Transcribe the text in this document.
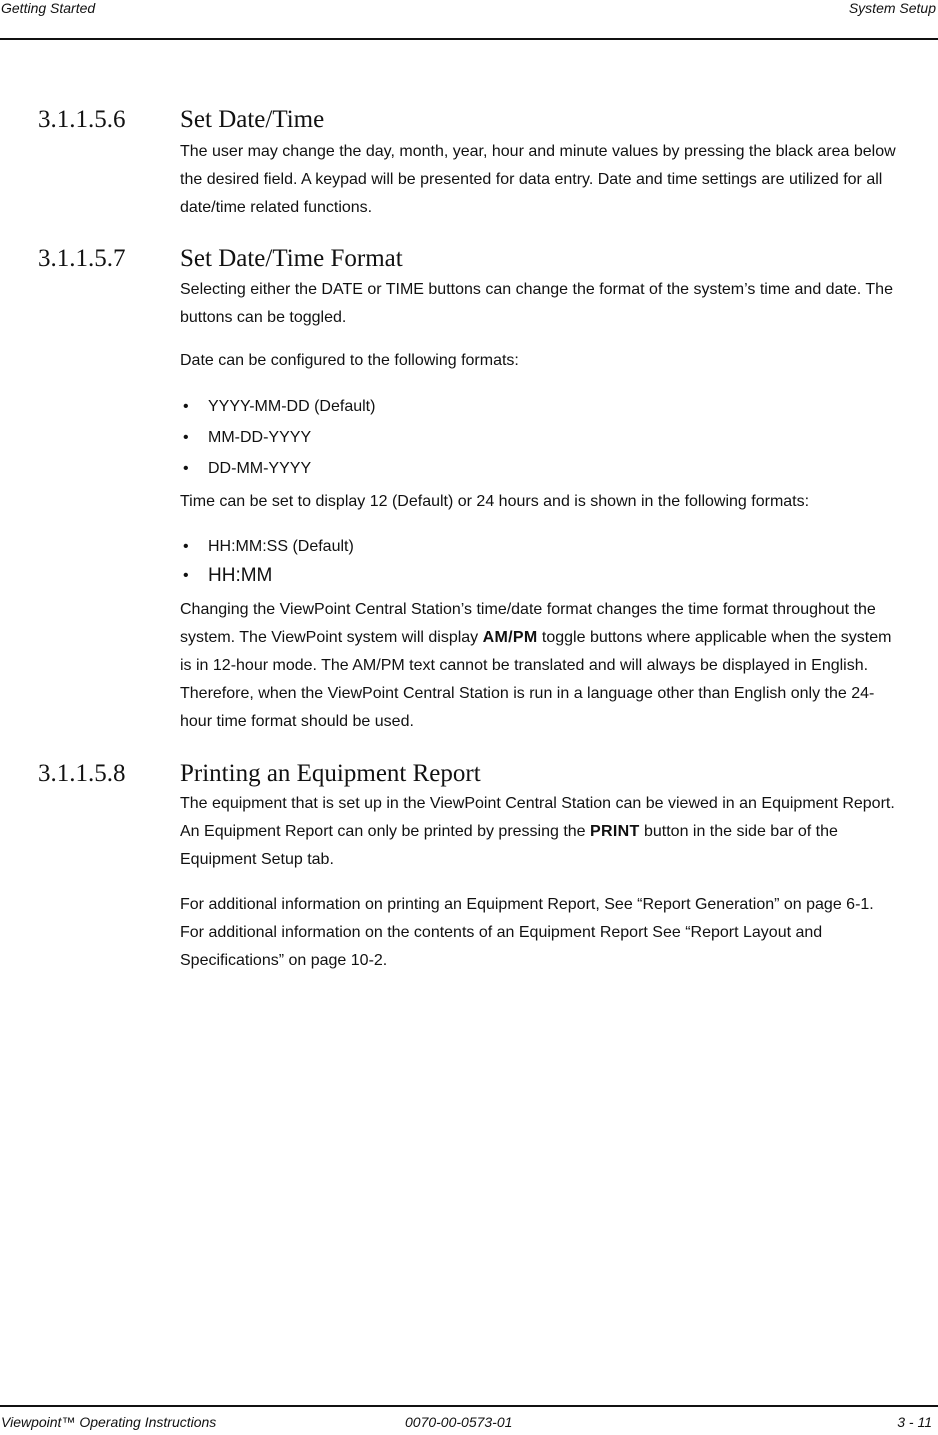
Getting Started	System Setup
3.1.1.5.6 Set Date/Time

The user may change the day, month, year, hour and minute values by pressing the black area below the desired field. A keypad will be presented for data entry. Date and time settings are utilized for all date/time related functions.

3.1.1.5.7 Set Date/Time Format

Selecting either the DATE or TIME buttons can change the format of the system’s time and date. The buttons can be toggled.

Date can be configured to the following formats:

• YYYY-MM-DD (Default)
• MM-DD-YYYY
• DD-MM-YYYY

Time can be set to display 12 (Default) or 24 hours and is shown in the following formats:

• HH:MM:SS (Default)
• HH:MM

Changing the ViewPoint Central Station’s time/date format changes the time format throughout the system. The ViewPoint system will display AM/PM toggle buttons where applicable when the system is in 12-hour mode. The AM/PM text cannot be translated and will always be displayed in English. Therefore, when the ViewPoint Central Station is run in a language other than English only the 24-hour time format should be used.

3.1.1.5.8 Printing an Equipment Report

The equipment that is set up in the ViewPoint Central Station can be viewed in an Equipment Report. An Equipment Report can only be printed by pressing the PRINT button in the side bar of the Equipment Setup tab.

For additional information on printing an Equipment Report, See “Report Generation” on page 6-1. For additional information on the contents of an Equipment Report See “Report Layout and Specifications” on page 10-2.

Viewpoint™ Operating Instructions	0070-00-0573-01	3 - 11
